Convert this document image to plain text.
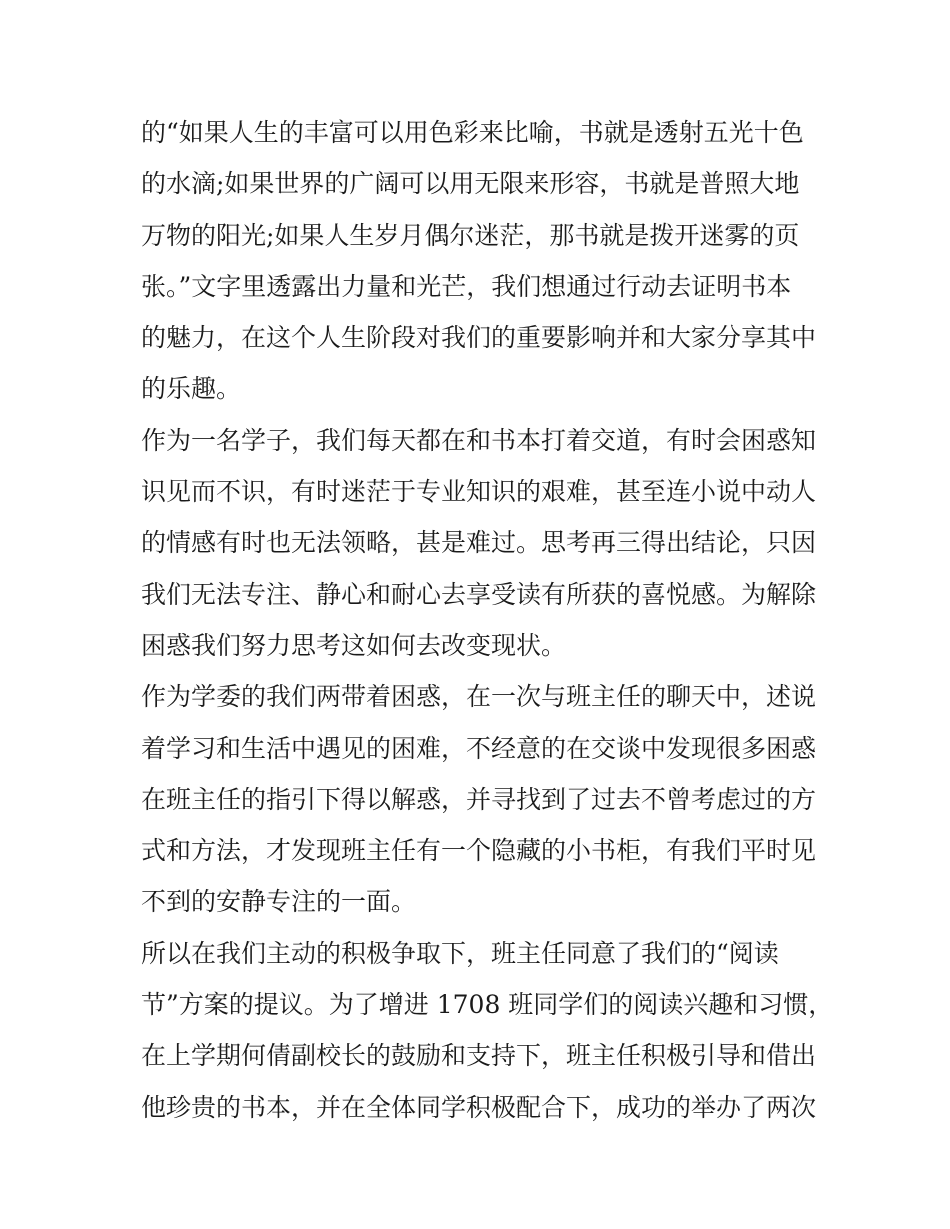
的“如果人生的丰富可以用色彩来比喻，书就是透射五光十色
的水滴;如果世界的广阔可以用无限来形容，书就是普照大地
万物的阳光;如果人生岁月偶尔迷茫，那书就是拨开迷雾的页
张。”文字里透露出力量和光芒，我们想通过行动去证明书本
的魅力，在这个人生阶段对我们的重要影响并和大家分享其中
的乐趣。
作为一名学子，我们每天都在和书本打着交道，有时会困惑知
识见而不识，有时迷茫于专业知识的艰难，甚至连小说中动人
的情感有时也无法领略，甚是难过。思考再三得出结论，只因
我们无法专注、静心和耐心去享受读有所获的喜悦感。为解除
困惑我们努力思考这如何去改变现状。
作为学委的我们两带着困惑，在一次与班主任的聊天中，述说
着学习和生活中遇见的困难，不经意的在交谈中发现很多困惑
在班主任的指引下得以解惑，并寻找到了过去不曾考虑过的方
式和方法，才发现班主任有一个隐藏的小书柜，有我们平时见
不到的安静专注的一面。
所以在我们主动的积极争取下，班主任同意了我们的“阅读
节”方案的提议。为了增进 1708 班同学们的阅读兴趣和习惯，
在上学期何倩副校长的鼓励和支持下，班主任积极引导和借出
他珍贵的书本，并在全体同学积极配合下，成功的举办了两次
